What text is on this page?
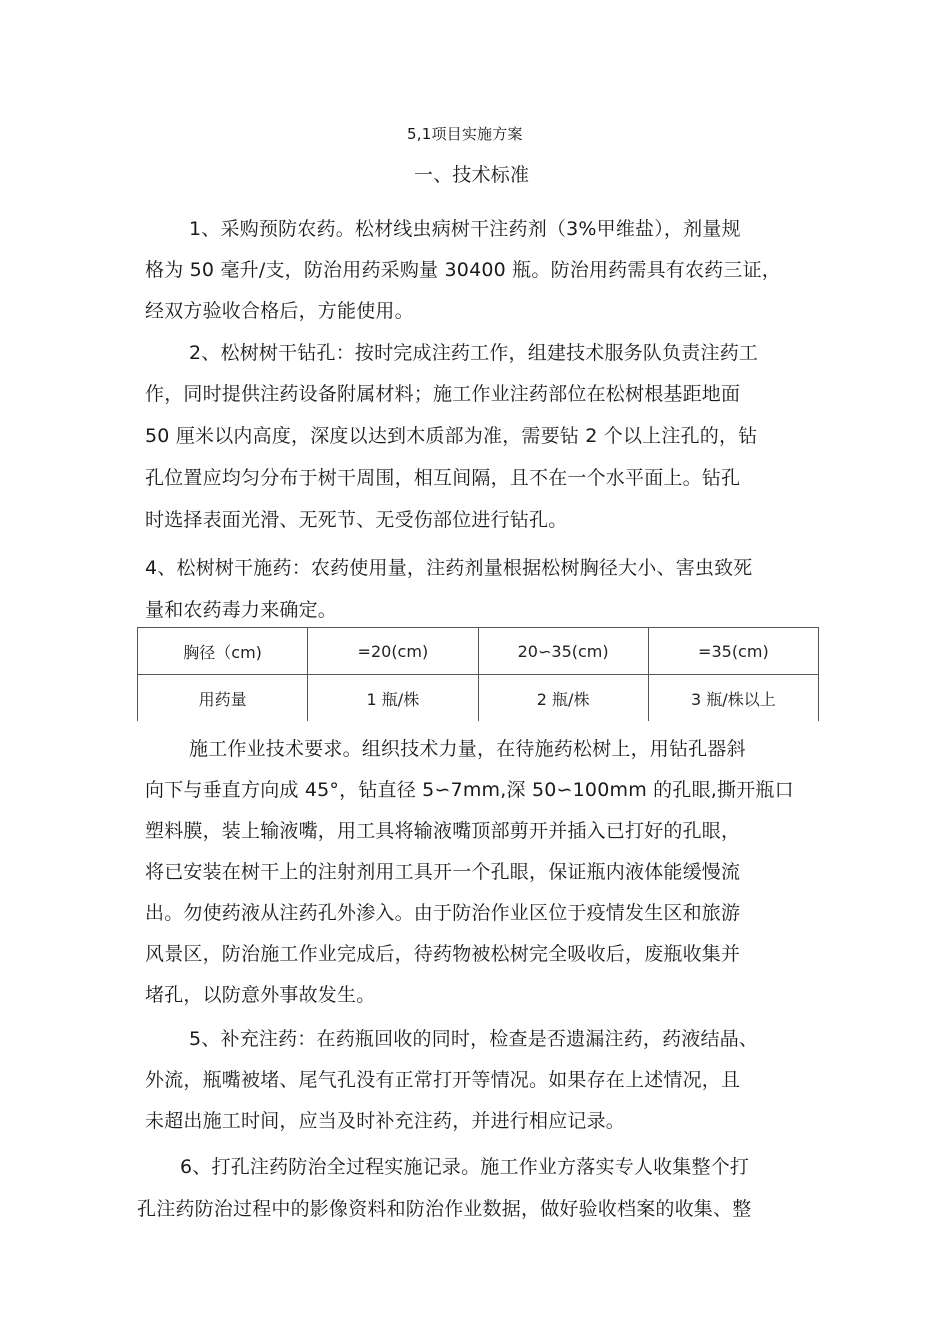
5,1项目实施方案
一、技术标准
1、采购预防农药。松材线虫病树干注药剂（3%甲维盐），剂量规
格为 50 毫升/支，防治用药采购量 30400 瓶。防治用药需具有农药三证，
经双方验收合格后，方能使用。
2、松树树干钻孔：按时完成注药工作，组建技术服务队负责注药工
作，同时提供注药设备附属材料；施工作业注药部位在松树根基距地面
50 厘米以内高度，深度以达到木质部为准，需要钻 2 个以上注孔的，钻
孔位置应均匀分布于树干周围，相互间隔，且不在一个水平面上。钻孔
时选择表面光滑、无死节、无受伤部位进行钻孔。
4、松树树干施药：农药使用量，注药剂量根据松树胸径大小、害虫致死
量和农药毒力来确定。
胸径（cm)	=20(cm)	20∽35(cm)	=35(cm)
用药量	1 瓶/株	2 瓶/株	3 瓶/株以上
施工作业技术要求。组织技术力量，在待施药松树上，用钻孔器斜
向下与垂直方向成 45°，钻直径 5∽7mm,深 50∽100mm 的孔眼,撕开瓶口
塑料膜，装上输液嘴，用工具将输液嘴顶部剪开并插入已打好的孔眼，
将已安装在树干上的注射剂用工具开一个孔眼，保证瓶内液体能缓慢流
出。勿使药液从注药孔外渗入。由于防治作业区位于疫情发生区和旅游
风景区，防治施工作业完成后，待药物被松树完全吸收后，废瓶收集并
堵孔，以防意外事故发生。
5、补充注药：在药瓶回收的同时，检查是否遗漏注药，药液结晶、
外流，瓶嘴被堵、尾气孔没有正常打开等情况。如果存在上述情况，且
未超出施工时间，应当及时补充注药，并进行相应记录。
6、打孔注药防治全过程实施记录。施工作业方落实专人收集整个打
孔注药防治过程中的影像资料和防治作业数据，做好验收档案的收集、整
